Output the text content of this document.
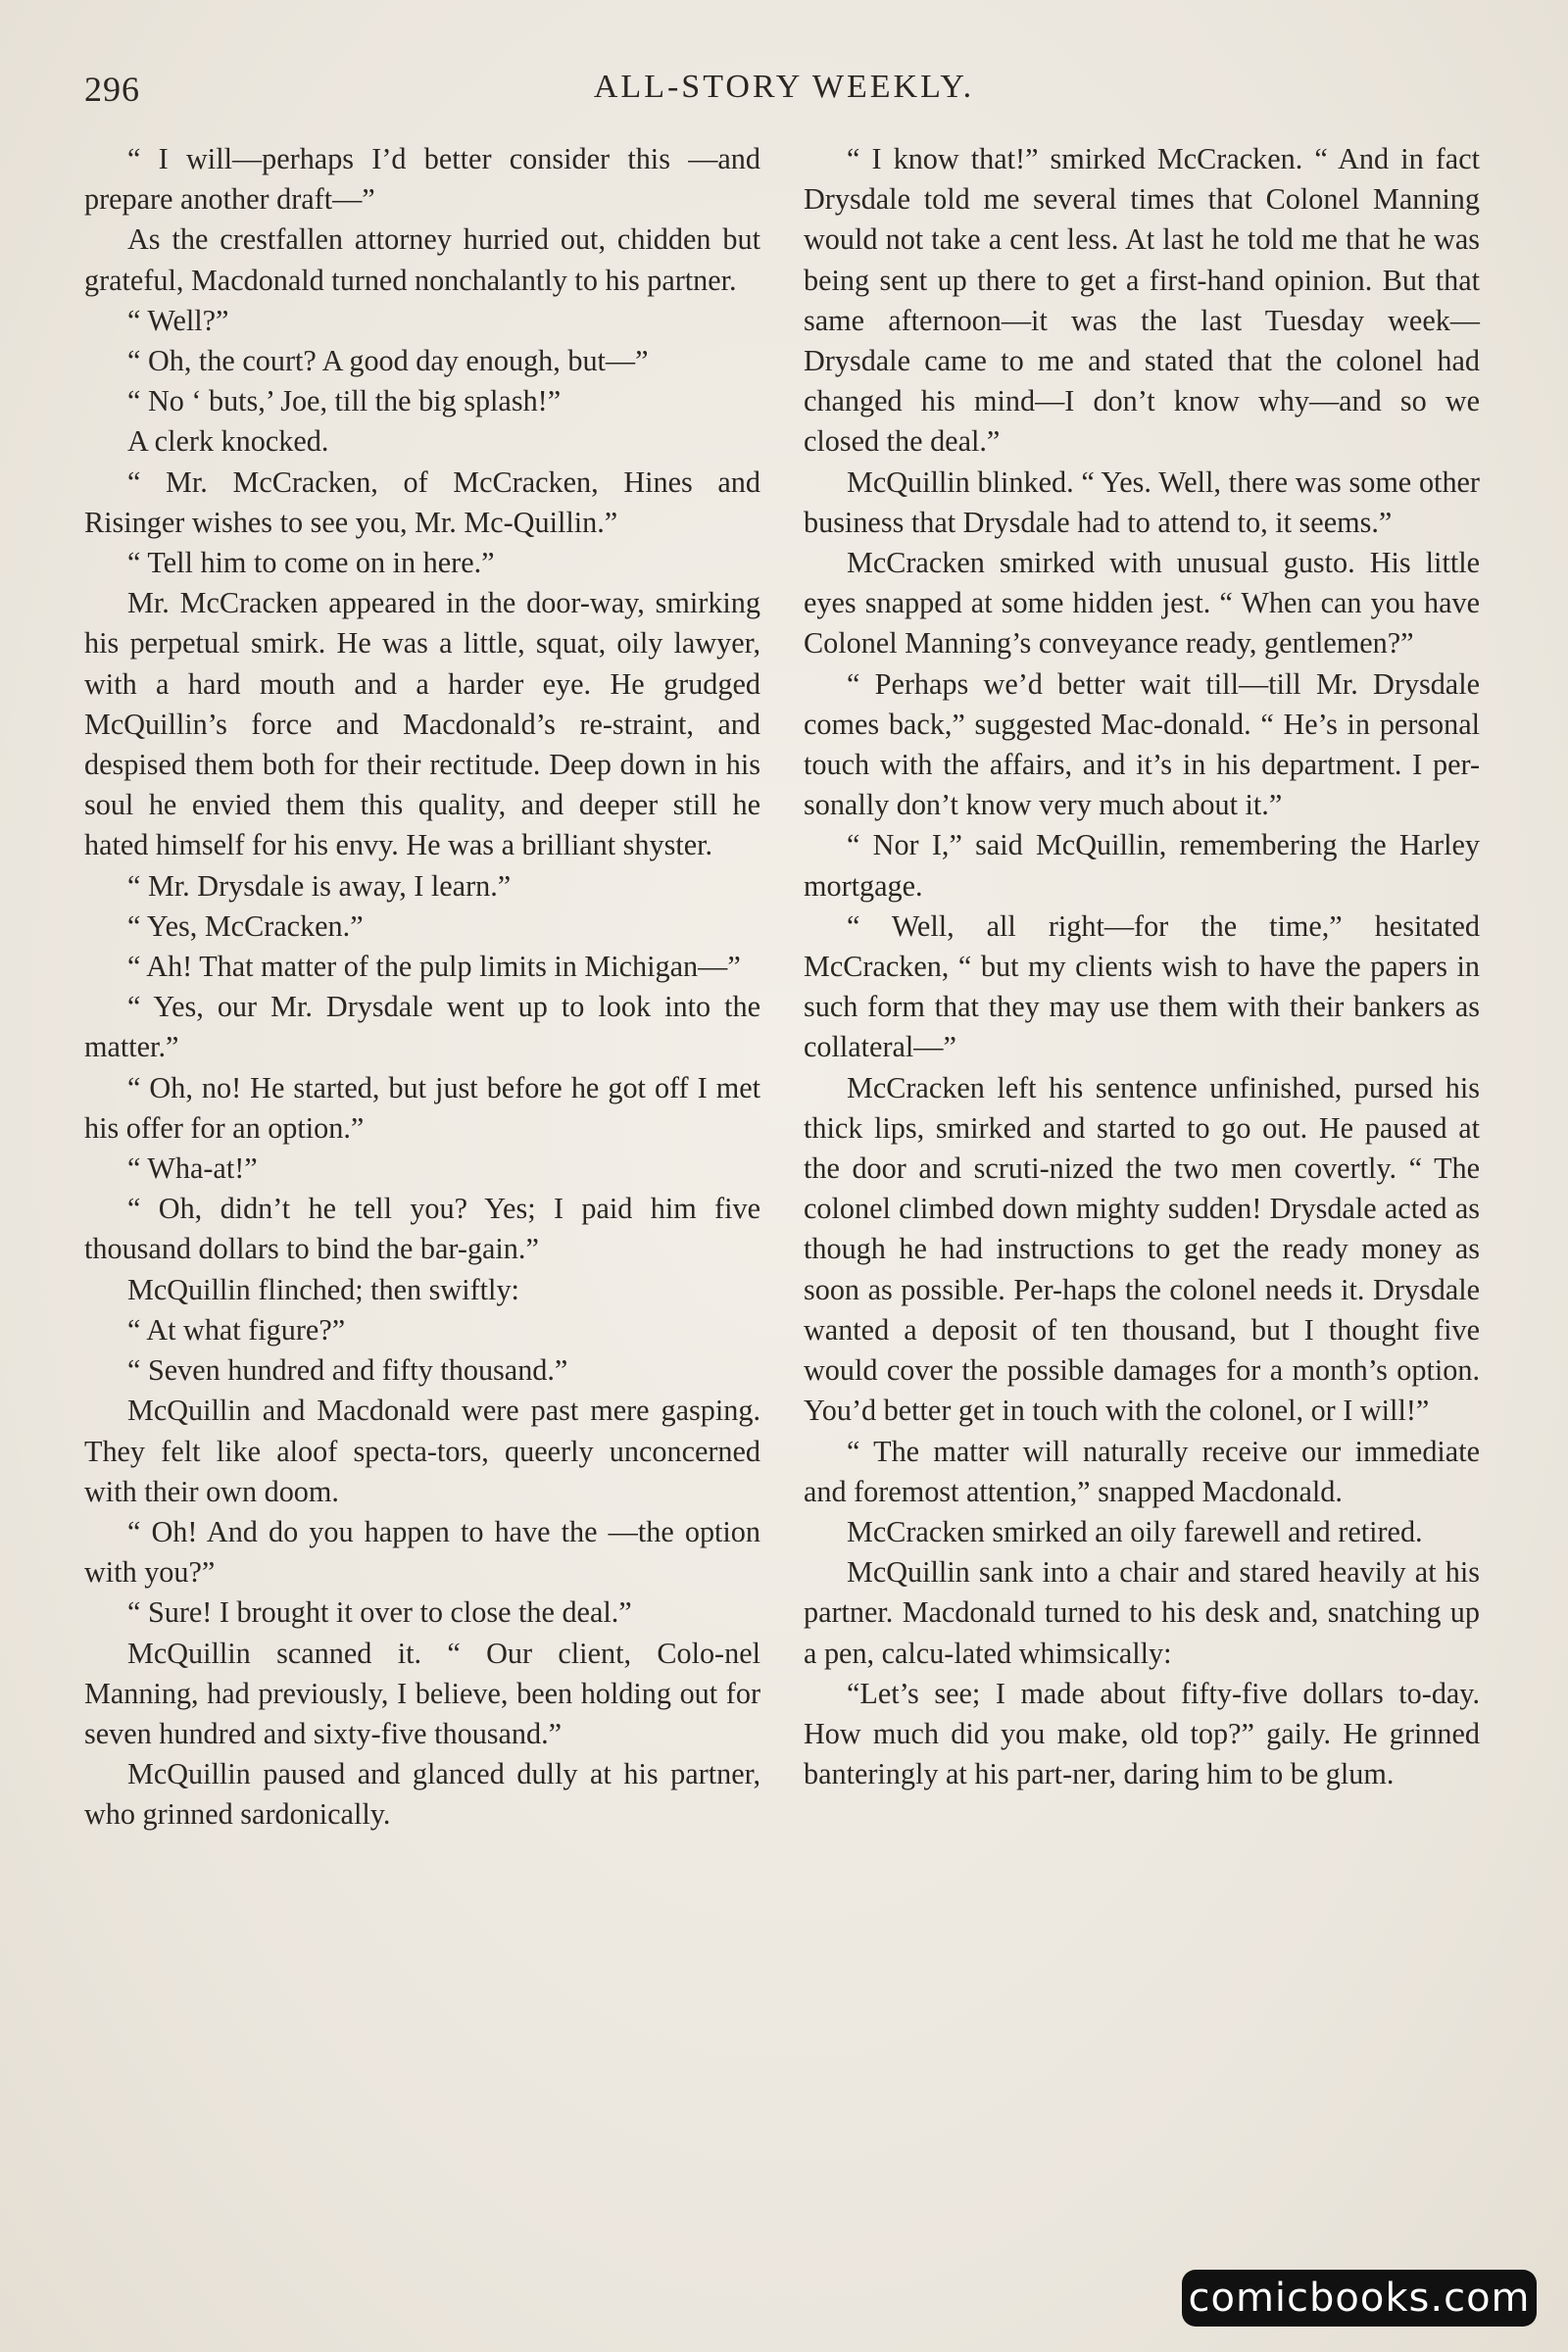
296	ALL-STORY WEEKLY.

“ I will—perhaps I’d better consider this —and prepare another draft—”

As the crestfallen attorney hurried out, chidden but grateful, Macdonald turned nonchalantly to his partner.

“ Well?”

“ Oh, the court? A good day enough, but—”

“ No ‘ buts,’ Joe, till the big splash!”

A clerk knocked.

“ Mr. McCracken, of McCracken, Hines and Risinger wishes to see you, Mr. Mc-Quillin.”

“ Tell him to come on in here.”

Mr. McCracken appeared in the door-way, smirking his perpetual smirk. He was a little, squat, oily lawyer, with a hard mouth and a harder eye. He grudged McQuillin’s force and Macdonald’s re-straint, and despised them both for their rectitude. Deep down in his soul he envied them this quality, and deeper still he hated himself for his envy. He was a brilliant shyster.

“ Mr. Drysdale is away, I learn.”

“ Yes, McCracken.”

“ Ah! That matter of the pulp limits in Michigan—”

“ Yes, our Mr. Drysdale went up to look into the matter.”

“ Oh, no! He started, but just before he got off I met his offer for an option.”

“ Wha-at!”

“ Oh, didn’t he tell you? Yes; I paid him five thousand dollars to bind the bar-gain.”

McQuillin flinched; then swiftly:

“ At what figure?”

“ Seven hundred and fifty thousand.”

McQuillin and Macdonald were past mere gasping. They felt like aloof specta-tors, queerly unconcerned with their own doom.

“ Oh! And do you happen to have the —the option with you?”

“ Sure! I brought it over to close the deal.”

McQuillin scanned it. “ Our client, Colo-nel Manning, had previously, I believe, been holding out for seven hundred and sixty-five thousand.”

McQuillin paused and glanced dully at his partner, who grinned sardonically.

“ I know that!” smirked McCracken. “ And in fact Drysdale told me several times that Colonel Manning would not take a cent less. At last he told me that he was being sent up there to get a first-hand opinion. But that same afternoon—it was the last Tuesday week—Drysdale came to me and stated that the colonel had changed his mind—I don’t know why—and so we closed the deal.”

McQuillin blinked. “ Yes. Well, there was some other business that Drysdale had to attend to, it seems.”

McCracken smirked with unusual gusto. His little eyes snapped at some hidden jest. “ When can you have Colonel Manning’s conveyance ready, gentlemen?”

“ Perhaps we’d better wait till—till Mr. Drysdale comes back,” suggested Mac-donald. “ He’s in personal touch with the affairs, and it’s in his department. I per-sonally don’t know very much about it.”

“ Nor I,” said McQuillin, remembering the Harley mortgage.

“ Well, all right—for the time,” hesitated McCracken, “ but my clients wish to have the papers in such form that they may use them with their bankers as collateral—”

McCracken left his sentence unfinished, pursed his thick lips, smirked and started to go out. He paused at the door and scruti-nized the two men covertly. “ The colonel climbed down mighty sudden! Drysdale acted as though he had instructions to get the ready money as soon as possible. Per-haps the colonel needs it. Drysdale wanted a deposit of ten thousand, but I thought five would cover the possible damages for a month’s option. You’d better get in touch with the colonel, or I will!”

“ The matter will naturally receive our immediate and foremost attention,” snapped Macdonald.

McCracken smirked an oily farewell and retired.

McQuillin sank into a chair and stared heavily at his partner. Macdonald turned to his desk and, snatching up a pen, calcu-lated whimsically:

“Let’s see; I made about fifty-five dollars to-day. How much did you make, old top?” gaily. He grinned banteringly at his part-ner, daring him to be glum.

comicbooks.com
